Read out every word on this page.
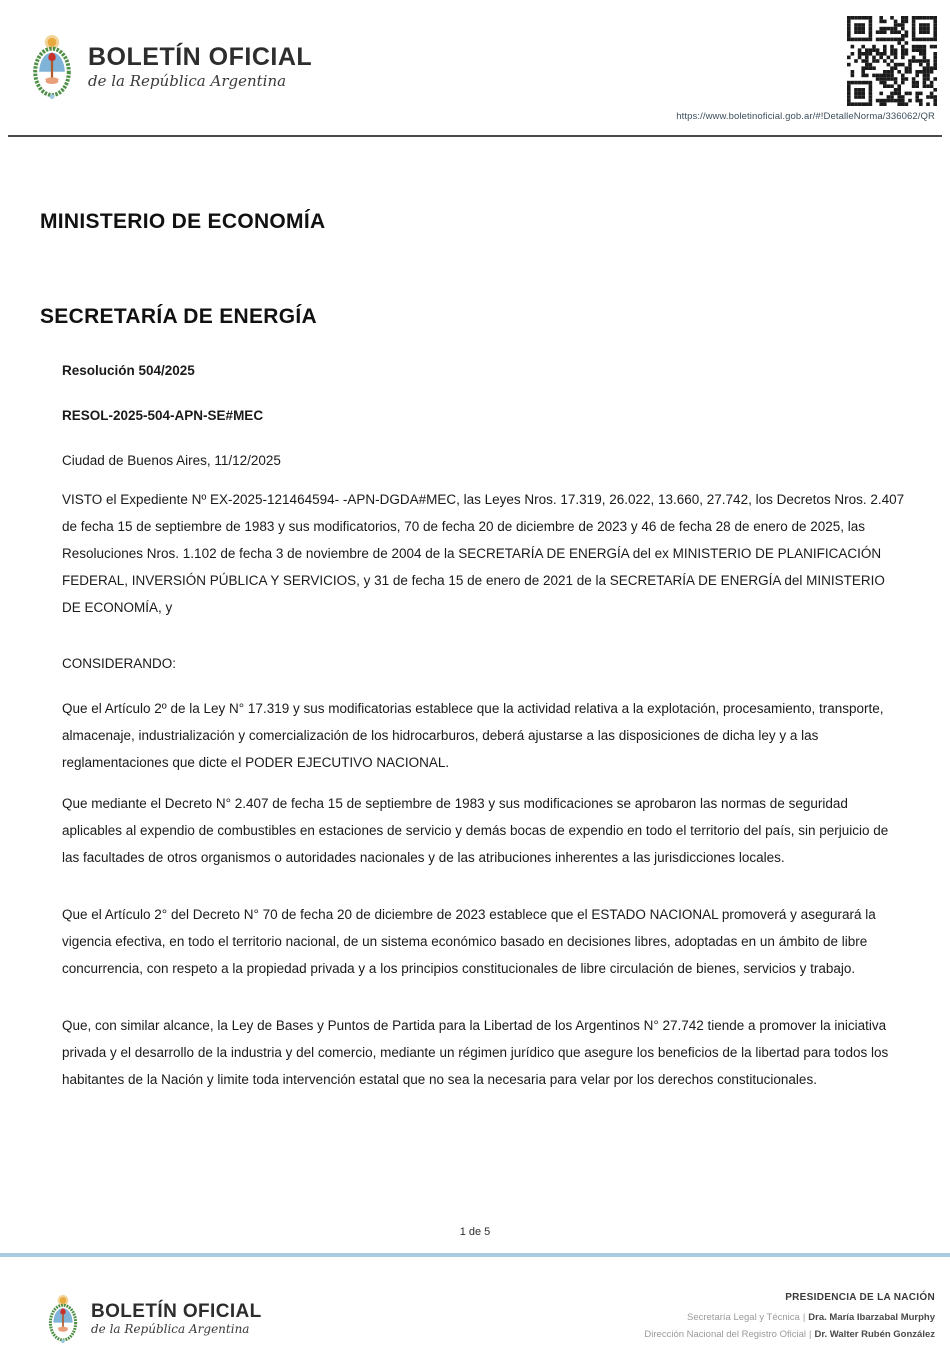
BOLETÍN OFICIAL
de la República Argentina
https://www.boletinoficial.gob.ar/#!DetalleNorma/336062/QR
MINISTERIO DE ECONOMÍA
SECRETARÍA DE ENERGÍA
Resolución 504/2025
RESOL-2025-504-APN-SE#MEC
Ciudad de Buenos Aires, 11/12/2025
VISTO el Expediente Nº EX-2025-121464594- -APN-DGDA#MEC, las Leyes Nros. 17.319, 26.022, 13.660, 27.742, los Decretos Nros. 2.407 de fecha 15 de septiembre de 1983 y sus modificatorios, 70 de fecha 20 de diciembre de 2023 y 46 de fecha 28 de enero de 2025, las Resoluciones Nros. 1.102 de fecha 3 de noviembre de 2004 de la SECRETARÍA DE ENERGÍA del ex MINISTERIO DE PLANIFICACIÓN FEDERAL, INVERSIÓN PÚBLICA Y SERVICIOS, y 31 de fecha 15 de enero de 2021 de la SECRETARÍA DE ENERGÍA del MINISTERIO DE ECONOMÍA, y
CONSIDERANDO:
Que el Artículo 2º de la Ley N° 17.319 y sus modificatorias establece que la actividad relativa a la explotación, procesamiento, transporte, almacenaje, industrialización y comercialización de los hidrocarburos, deberá ajustarse a las disposiciones de dicha ley y a las reglamentaciones que dicte el PODER EJECUTIVO NACIONAL.
Que mediante el Decreto N° 2.407 de fecha 15 de septiembre de 1983 y sus modificaciones se aprobaron las normas de seguridad aplicables al expendio de combustibles en estaciones de servicio y demás bocas de expendio en todo el territorio del país, sin perjuicio de las facultades de otros organismos o autoridades nacionales y de las atribuciones inherentes a las jurisdicciones locales.
Que el Artículo 2° del Decreto N° 70 de fecha 20 de diciembre de 2023 establece que el ESTADO NACIONAL promoverá y asegurará la vigencia efectiva, en todo el territorio nacional, de un sistema económico basado en decisiones libres, adoptadas en un ámbito de libre concurrencia, con respeto a la propiedad privada y a los principios constitucionales de libre circulación de bienes, servicios y trabajo.
Que, con similar alcance, la Ley de Bases y Puntos de Partida para la Libertad de los Argentinos N° 27.742 tiende a promover la iniciativa privada y el desarrollo de la industria y del comercio, mediante un régimen jurídico que asegure los beneficios de la libertad para todos los habitantes de la Nación y limite toda intervención estatal que no sea la necesaria para velar por los derechos constitucionales.
1 de 5
BOLETÍN OFICIAL
de la República Argentina
PRESIDENCIA DE LA NACIÓN
Secretaría Legal y Técnica | Dra. María Ibarzabal Murphy
Dirección Nacional del Registro Oficial | Dr. Walter Rubén González
